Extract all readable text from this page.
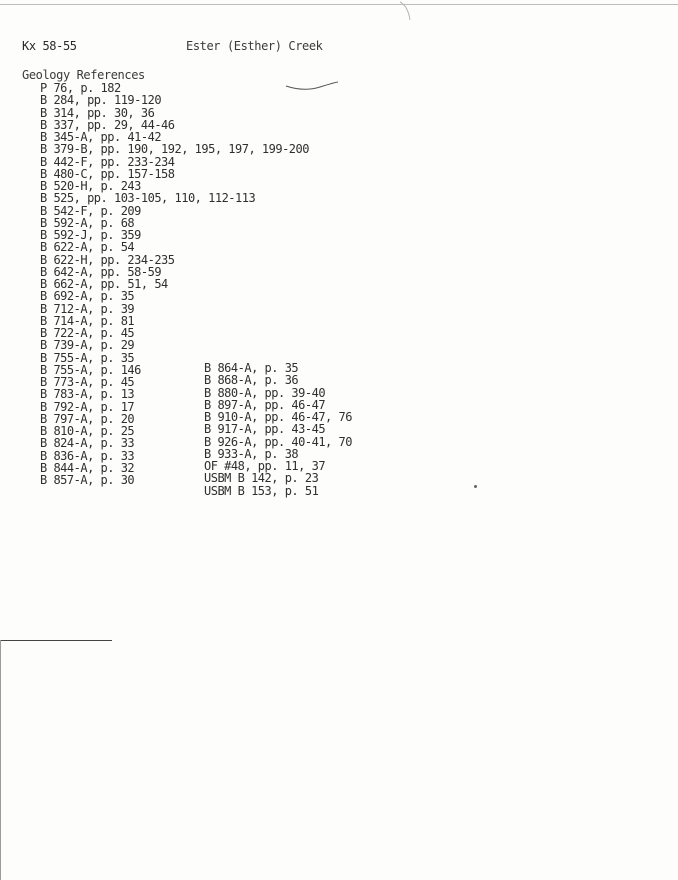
Kx 58-55	Ester (Esther) Creek
Geology References
P 76, p. 182
B 284, pp. 119-120
B 314, pp. 30, 36
B 337, pp. 29, 44-46
B 345-A, pp. 41-42
B 379-B, pp. 190, 192, 195, 197, 199-200
B 442-F, pp. 233-234
B 480-C, pp. 157-158
B 520-H, p. 243
B 525, pp. 103-105, 110, 112-113
B 542-F, p. 209
B 592-A, p. 68
B 592-J, p. 359
B 622-A, p. 54
B 622-H, pp. 234-235
B 642-A, pp. 58-59
B 662-A, pp. 51, 54
B 692-A, p. 35
B 712-A, p. 39
B 714-A, p. 81
B 722-A, p. 45
B 739-A, p. 29
B 755-A, p. 35
B 755-A, p. 146
B 773-A, p. 45
B 783-A, p. 13
B 792-A, p. 17
B 797-A, p. 20
B 810-A, p. 25
B 824-A, p. 33
B 836-A, p. 33
B 844-A, p. 32
B 857-A, p. 30
B 864-A, p. 35
B 868-A, p. 36
B 880-A, pp. 39-40
B 897-A, pp. 46-47
B 910-A, pp. 46-47, 76
B 917-A, pp. 43-45
B 926-A, pp. 40-41, 70
B 933-A, p. 38
OF #48, pp. 11, 37
USBM B 142, p. 23
USBM B 153, p. 51
